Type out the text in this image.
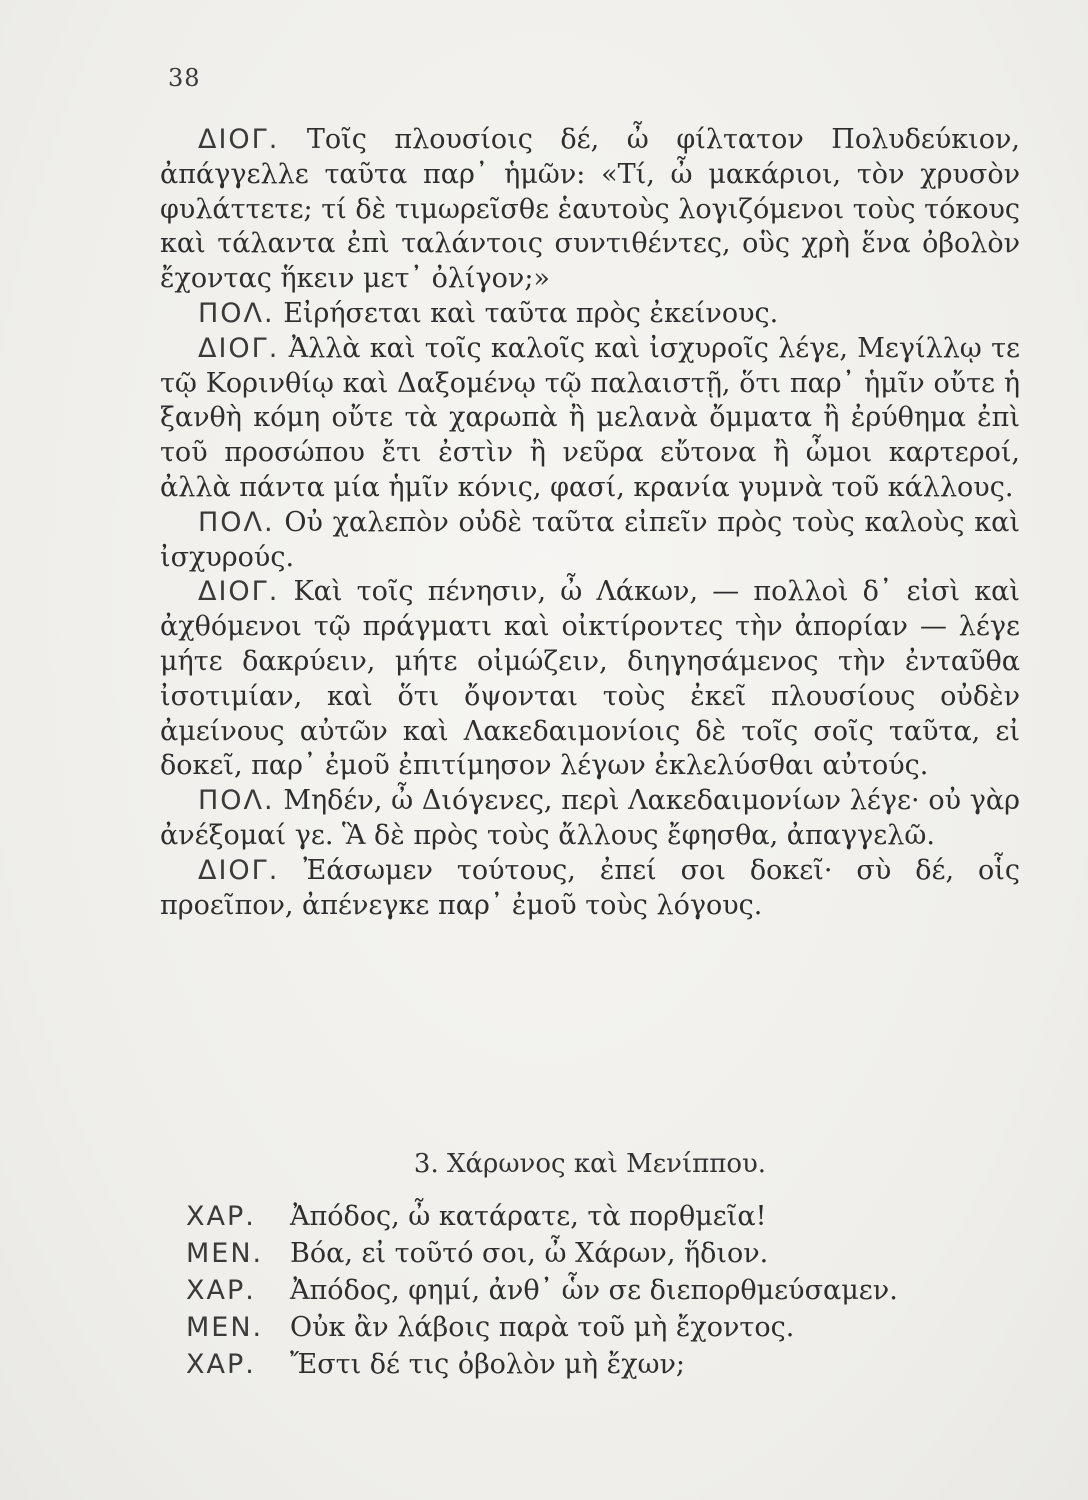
38

ΔΙΟΓ. Τοῖς πλουσίοις δέ, ὦ φίλτατον Πολυδεύκιον, ἀπάγγελλε ταῦτα παρ᾽ ἡμῶν: «Τί, ὦ μακάριοι, τὸν χρυσὸν φυλάττετε; τί δὲ τιμωρεῖσθε ἑαυτοὺς λογιζόμενοι τοὺς τόκους καὶ τάλαντα ἐπὶ ταλάντοις συντιθέντες, οὓς χρὴ ἕνα ὀβολὸν ἔχοντας ἥκειν μετ᾽ ὀλίγον;»

ΠΟΛ. Εἰρήσεται καὶ ταῦτα πρὸς ἐκείνους.

ΔΙΟΓ. Ἀλλὰ καὶ τοῖς καλοῖς καὶ ἰσχυροῖς λέγε, Μεγίλλῳ τε τῷ Κορινθίῳ καὶ Δαξομένῳ τῷ παλαιστῇ, ὅτι παρ᾽ ἡμῖν οὔτε ἡ ξανθὴ κόμη οὔτε τὰ χαρωπὰ ἢ μελανὰ ὄμματα ἢ ἐρύθημα ἐπὶ τοῦ προσώπου ἔτι ἐστὶν ἢ νεῦρα εὔτονα ἢ ὦμοι καρτεροί, ἀλλὰ πάντα μία ἡμῖν κόνις, φασί, κρανία γυμνὰ τοῦ κάλλους.

ΠΟΛ. Οὐ χαλεπὸν οὐδὲ ταῦτα εἰπεῖν πρὸς τοὺς καλοὺς καὶ ἰσχυρούς.

ΔΙΟΓ. Καὶ τοῖς πένησιν, ὦ Λάκων, — πολλοὶ δ᾽ εἰσὶ καὶ ἀχθόμενοι τῷ πράγματι καὶ οἰκτίροντες τὴν ἀπορίαν — λέγε μήτε δακρύειν, μήτε οἰμώζειν, διηγησάμενος τὴν ἐνταῦθα ἰσοτιμίαν, καὶ ὅτι ὄψονται τοὺς ἐκεῖ πλουσίους οὐδὲν ἀμείνους αὐτῶν καὶ Λακεδαιμονίοις δὲ τοῖς σοῖς ταῦτα, εἰ δοκεῖ, παρ᾽ ἐμοῦ ἐπιτίμησον λέγων ἐκλελύσθαι αὐτούς.

ΠΟΛ. Μηδέν, ὦ Διόγενες, περὶ Λακεδαιμονίων λέγε· οὐ γὰρ ἀνέξομαί γε. Ἃ δὲ πρὸς τοὺς ἄλλους ἔφησθα, ἀπαγγελῶ.

ΔΙΟΓ. Ἐάσωμεν τούτους, ἐπεί σοι δοκεῖ· σὺ δέ, οἷς προεῖπον, ἀπένεγκε παρ᾽ ἐμοῦ τοὺς λόγους.

3. Χάρωνος καὶ Μενίππου.
ΧΑΡ. Ἀπόδος, ὦ κατάρατε, τὰ πορθμεῖα!
ΜΕΝ. Βόα, εἰ τοῦτό σοι, ὦ Χάρων, ἥδιον.
ΧΑΡ. Ἀπόδος, φημί, ἀνθ᾽ ὧν σε διεπορθμεύσαμεν.
ΜΕΝ. Οὐκ ἂν λάβοις παρὰ τοῦ μὴ ἔχοντος.
ΧΑΡ. Ἔστι δέ τις ὀβολὸν μὴ ἔχων;
